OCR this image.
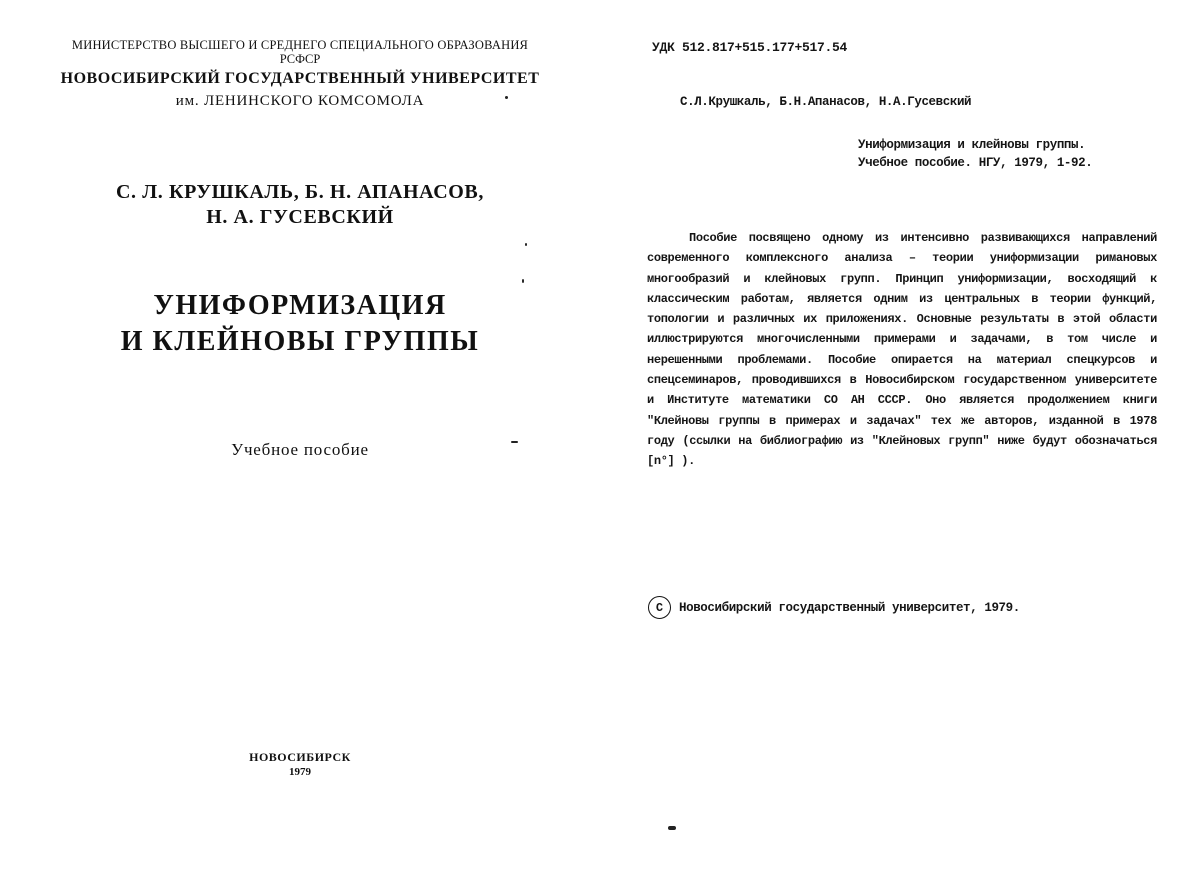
МИНИСТЕРСТВО ВЫСШЕГО И СРЕДНЕГО СПЕЦИАЛЬНОГО ОБРАЗОВАНИЯ
РСФСР
НОВОСИБИРСКИЙ ГОСУДАРСТВЕННЫЙ УНИВЕРСИТЕТ
им. ЛЕНИНСКОГО КОМСОМОЛА
С. Л. КРУШКАЛЬ, Б. Н. АПАНАСОВ,
Н. А. ГУСЕВСКИЙ
УНИФОРМИЗАЦИЯ
И КЛЕЙНОВЫ ГРУППЫ
Учебное пособие
НОВОСИБИРСК
1979
УДК 512.817+515.177+517.54
С.Л.Крушкаль, Б.Н.Апанасов, Н.А.Гусевский
Униформизация и клейновы группы.
Учебное пособие. НГУ, 1979, 1-92.
Пособие посвящено одному из интенсивно развивающихся направлений современного комплексного анализа – теории униформизации римановых многообразий и клейновых групп. Принцип униформизации, восходящий к классическим работам, является одним из центральных в теории функций, топологии и различных их приложениях. Основные результаты в этой области иллюстрируются многочисленными примерами и задачами, в том числе и нерешенными проблемами. Пособие опирается на материал спецкурсов и спецсеминаров, проводившихся в Новосибирском государственном университете и Институте математики СО АН СССР. Оно является продолжением книги "Клейновы группы в примерах и задачах" тех же авторов, изданной в 1978 году (ссылки на библиографию из "Клейновых групп" ниже будут обозначаться [n°] ).
С	Новосибирский государственный университет, 1979.
